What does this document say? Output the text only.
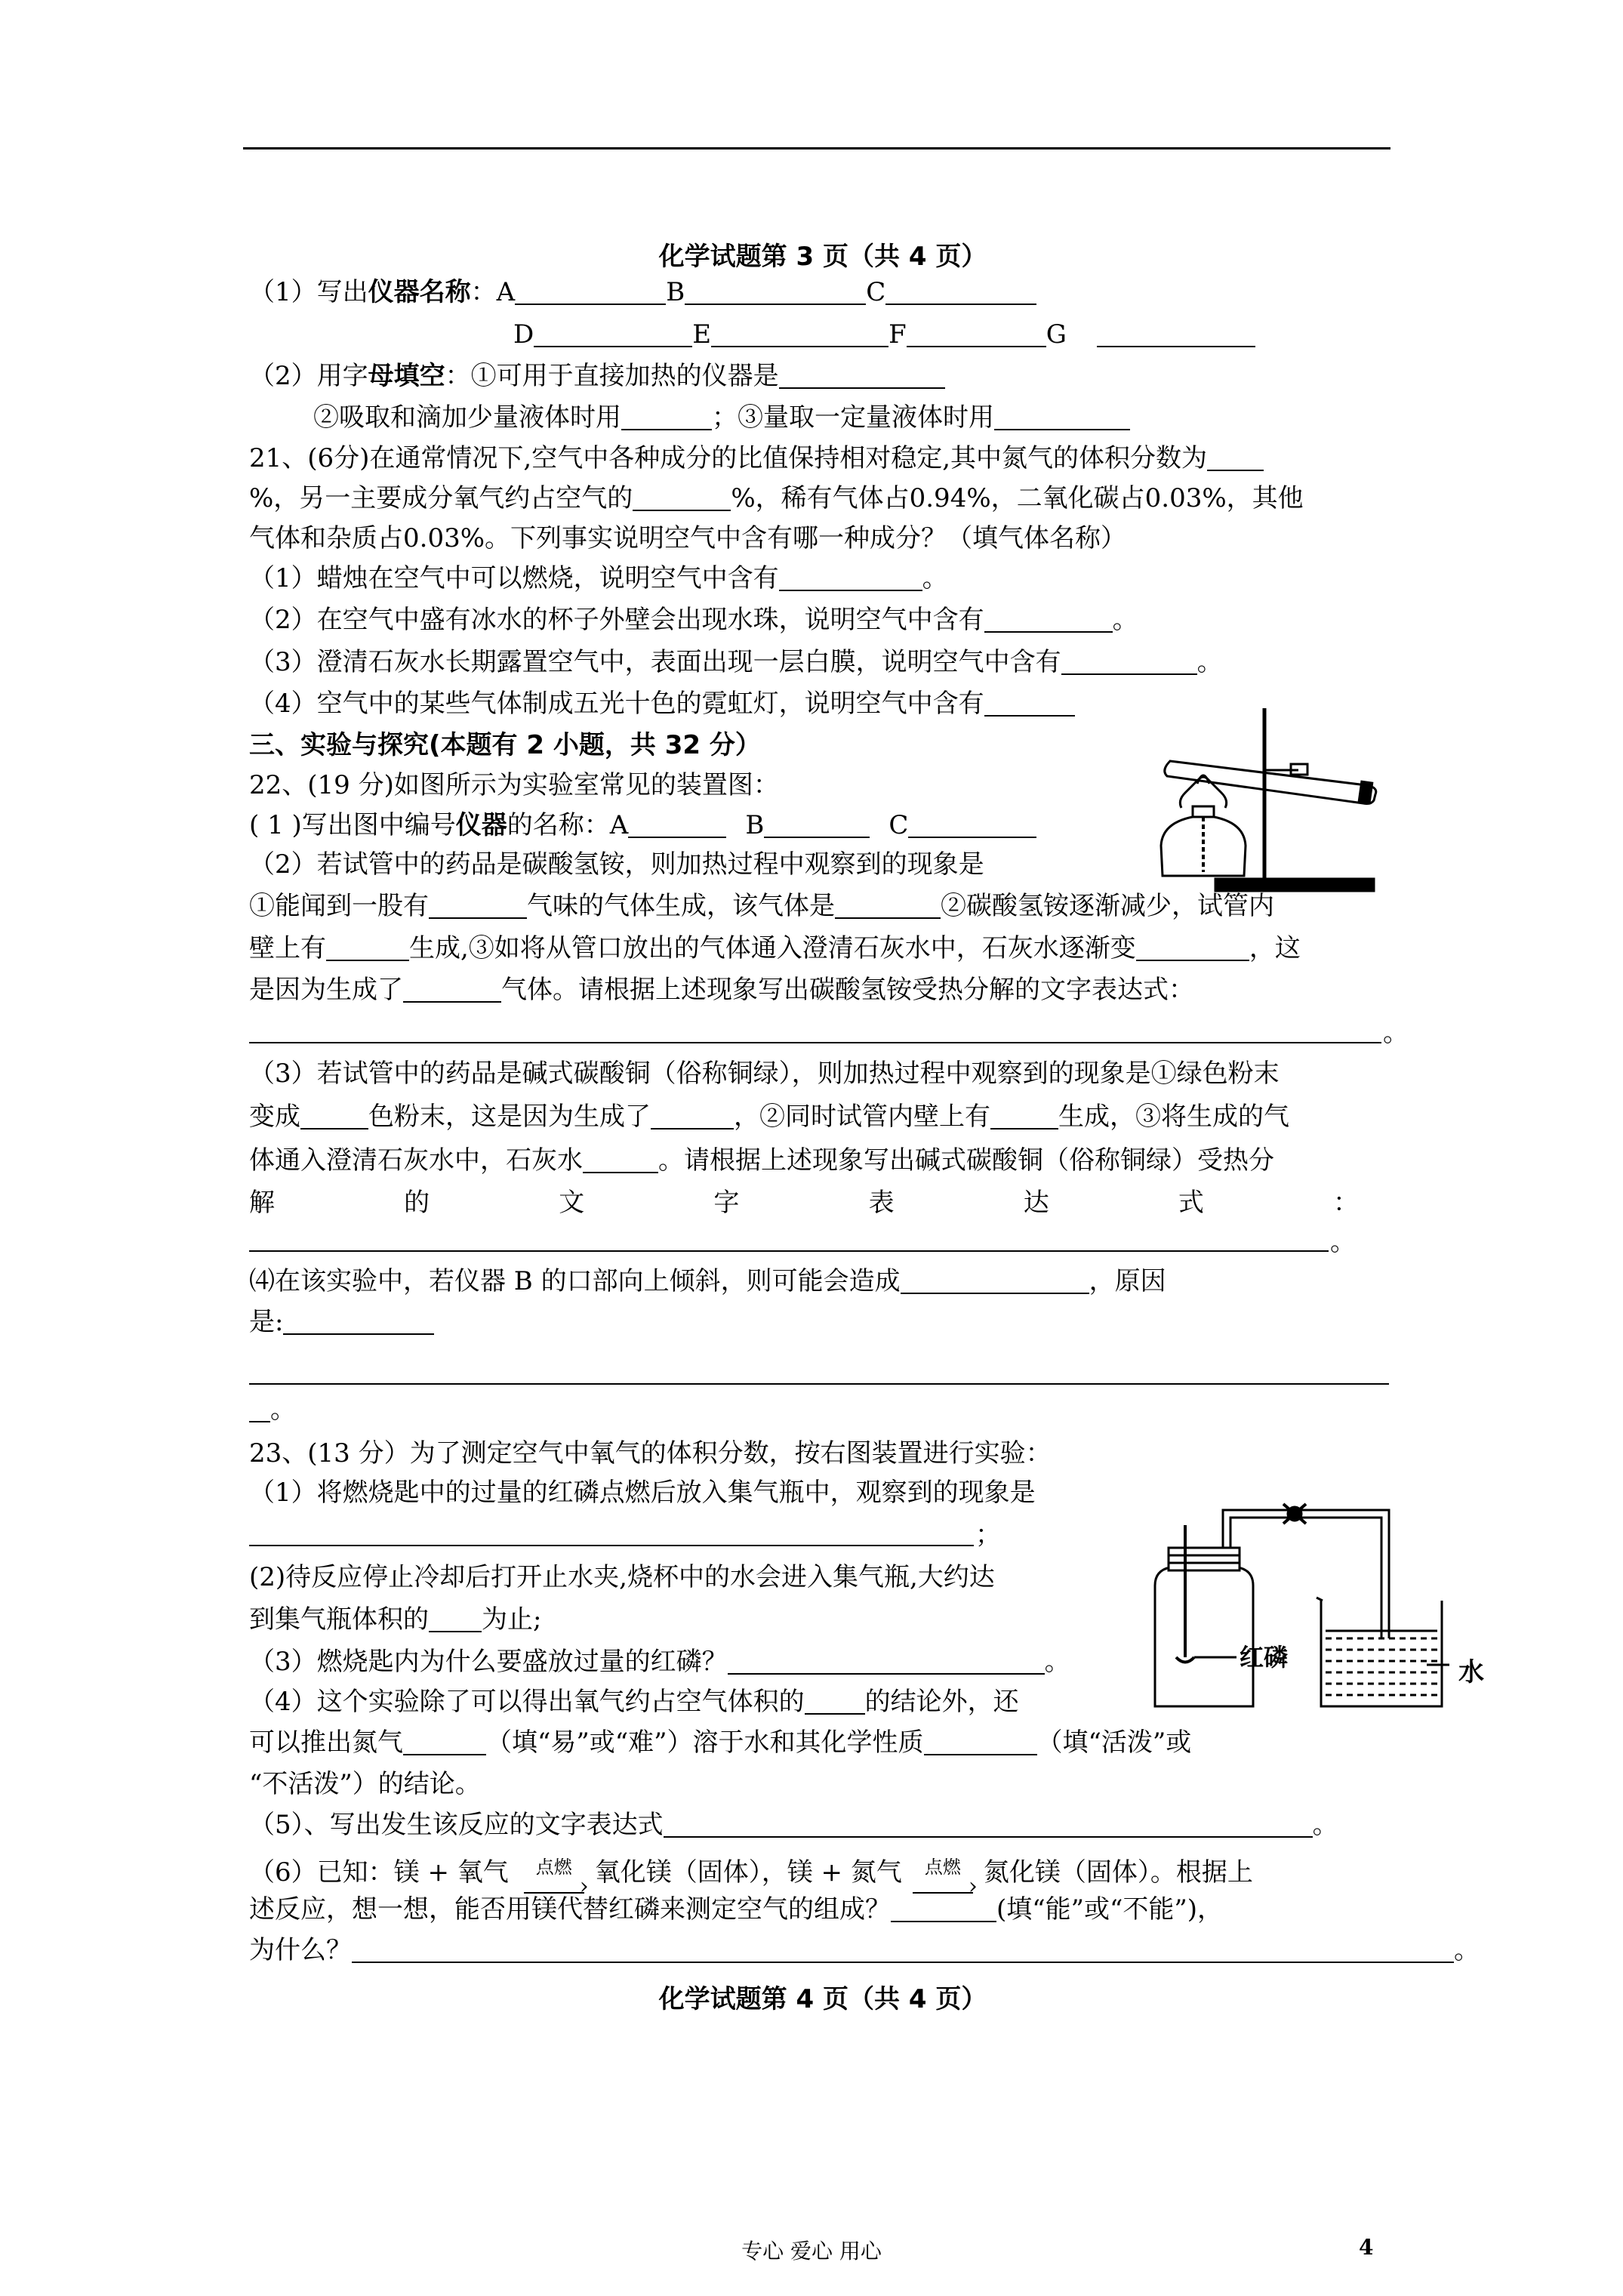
化学试题第 3 页（共 4 页）
（1）写出仪器名称：A	B	C
D	E	F	G
（2）用字母填空：①可用于直接加热的仪器是
②吸取和滴加少量液体时用	；③量取一定量液体时用
21、(6分)在通常情况下,空气中各种成分的比值保持相对稳定,其中氮气的体积分数为
%，另一主要成分氧气约占空气的	%，稀有气体占0.94%，二氧化碳占0.03%，其他
气体和杂质占0.03%。下列事实说明空气中含有哪一种成分？（填气体名称）
（1）蜡烛在空气中可以燃烧，说明空气中含有	。
（2）在空气中盛有冰水的杯子外壁会出现水珠，说明空气中含有	。
（3）澄清石灰水长期露置空气中，表面出现一层白膜，说明空气中含有	。
（4）空气中的某些气体制成五光十色的霓虹灯，说明空气中含有
三、实验与探究(本题有 2 小题，共 32 分）
22、(19 分)如图所示为实验室常见的装置图：
( 1 )写出图中编号仪器的名称：A	B	C
（2）若试管中的药品是碳酸氢铵，则加热过程中观察到的现象是
①能闻到一股有	气味的气体生成，该气体是	②碳酸氢铵逐渐减少，试管内
壁上有	生成,③如将从管口放出的气体通入澄清石灰水中，石灰水逐渐变	，这
是因为生成了	气体。请根据上述现象写出碳酸氢铵受热分解的文字表达式：
。
（3）若试管中的药品是碱式碳酸铜（俗称铜绿），则加热过程中观察到的现象是①绿色粉末
变成	色粉末，这是因为生成了	，②同时试管内壁上有	生成，③将生成的气
体通入澄清石灰水中，石灰水	。请根据上述现象写出碱式碳酸铜（俗称铜绿）受热分
解	的	文	字	表	达	式	：
。
⑷在该实验中，若仪器 B 的口部向上倾斜，则可能会造成	，原因
是:
。
23、(13 分）为了测定空气中氧气的体积分数，按右图装置进行实验：
（1）将燃烧匙中的过量的红磷点燃后放入集气瓶中，观察到的现象是
；
(2)待反应停止冷却后打开止水夹,烧杯中的水会进入集气瓶,大约达
到集气瓶体积的 为止;
（3）燃烧匙内为什么要盛放过量的红磷？	。
（4）这个实验除了可以得出氧气约占空气体积的 的结论外，还
可以推出氮气	（填“易”或“难”）溶于水和其化学性质	（填“活泼”或
“不活泼”）的结论。
（5）、写出发生该反应的文字表达式	。
（6）已知：镁 + 氧气 › 点燃 氧化镁（固体），镁 + 氮气 › 点燃 氮化镁（固体）。根据上
述反应，想一想，能否用镁代替红磷来测定空气的组成？	(填“能”或“不能”)，
为什么？	。
化学试题第 4 页（共 4 页）
红磷	水
专心 爱心 用心	4
